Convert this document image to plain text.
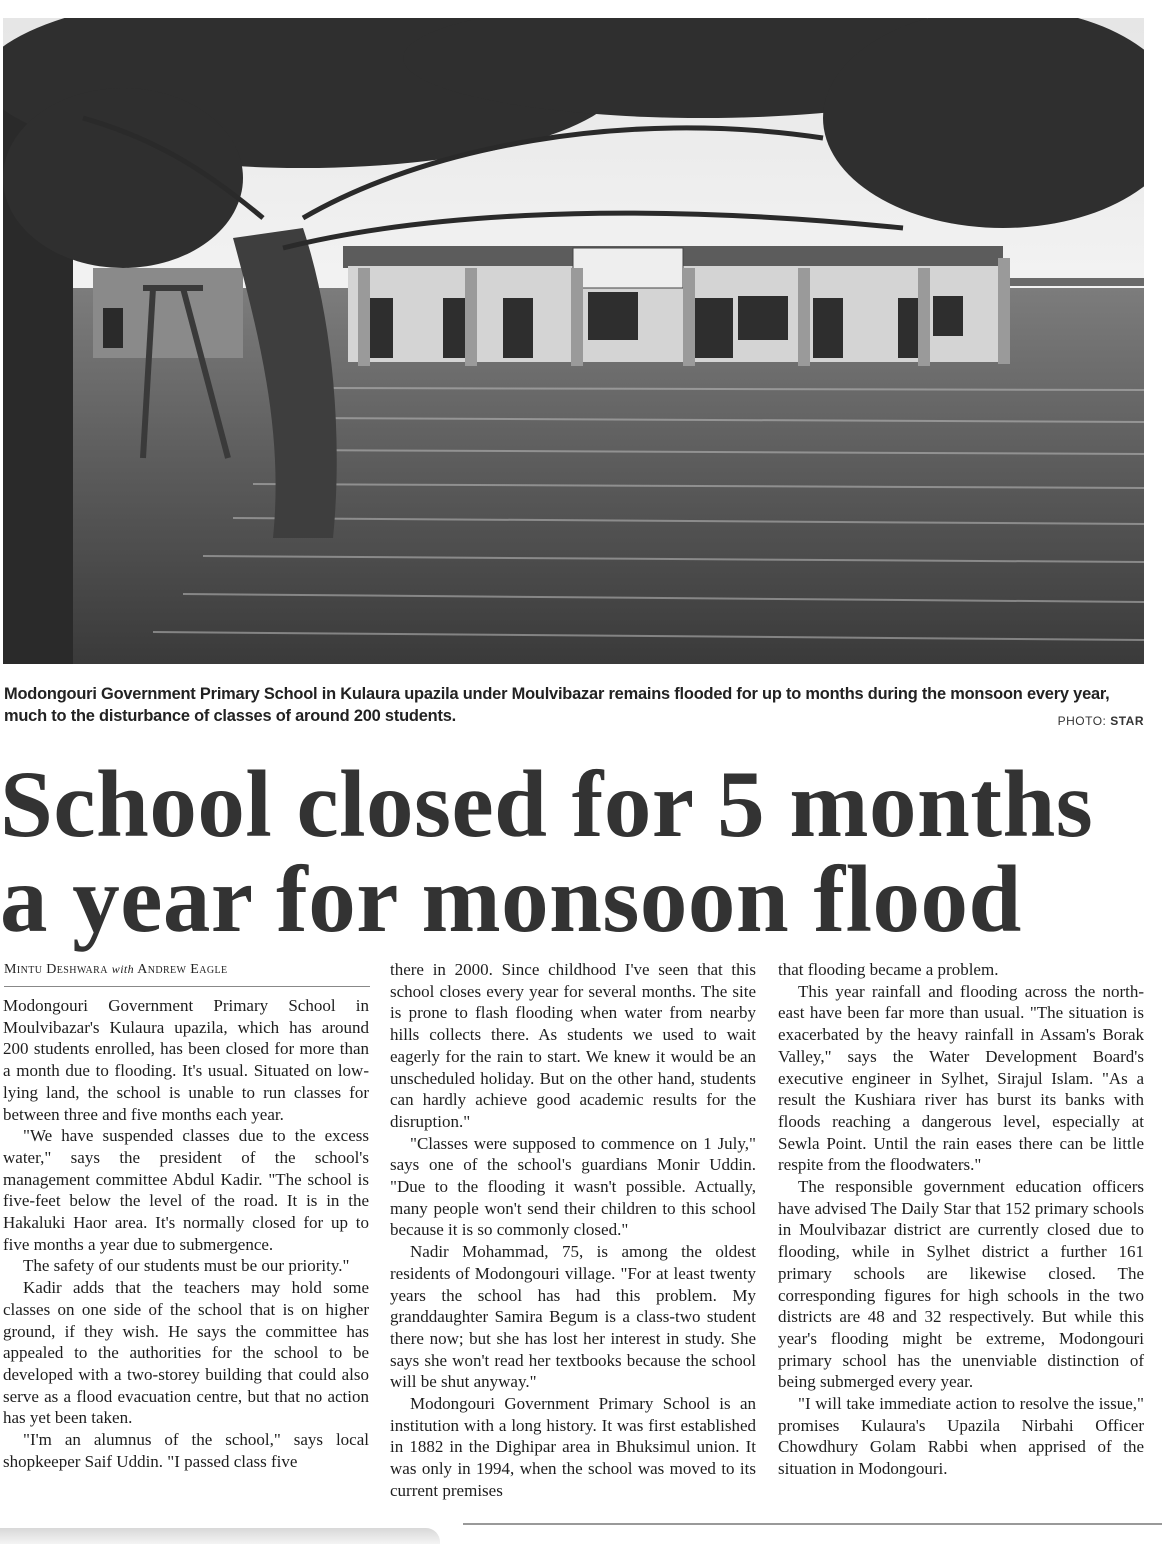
Modongouri Government Primary School in Kulaura upazila under Moulvibazar remains flooded for up to months during the monsoon every year, much to the disturbance of classes of around 200 students.	PHOTO: STAR
School closed for 5 months
a year for monsoon flood
Mintu Deshwara with Andrew Eagle

Modongouri Government Primary School in Moulvibazar's Kulaura upazila, which has around 200 students enrolled, has been closed for more than a month due to flooding. It's usual. Situated on low-lying land, the school is unable to run classes for between three and five months each year.

"We have suspended classes due to the excess water," says the president of the school's management committee Abdul Kadir. "The school is five-feet below the level of the road. It is in the Hakaluki Haor area. It's normally closed for up to five months a year due to submergence.

The safety of our students must be our priority."

Kadir adds that the teachers may hold some classes on one side of the school that is on higher ground, if they wish. He says the committee has appealed to the authorities for the school to be developed with a two-storey building that could also serve as a flood evacuation centre, but that no action has yet been taken.

"I'm an alumnus of the school," says local shopkeeper Saif Uddin. "I passed class five

there in 2000. Since childhood I've seen that this school closes every year for several months. The site is prone to flash flooding when water from nearby hills collects there. As students we used to wait eagerly for the rain to start. We knew it would be an unscheduled holiday. But on the other hand, students can hardly achieve good academic results for the disruption."

"Classes were supposed to commence on 1 July," says one of the school's guardians Monir Uddin. "Due to the flooding it wasn't possible. Actually, many people won't send their children to this school because it is so commonly closed."

Nadir Mohammad, 75, is among the oldest residents of Modongouri village. "For at least twenty years the school has had this problem. My granddaughter Samira Begum is a class-two student there now; but she has lost her interest in study. She says she won't read her textbooks because the school will be shut anyway."

Modongouri Government Primary School is an institution with a long history. It was first established in 1882 in the Dighipar area in Bhuksimul union. It was only in 1994, when the school was moved to its current premises

that flooding became a problem.

This year rainfall and flooding across the north-east have been far more than usual. "The situation is exacerbated by the heavy rainfall in Assam's Borak Valley," says the Water Development Board's executive engineer in Sylhet, Sirajul Islam. "As a result the Kushiara river has burst its banks with floods reaching a dangerous level, especially at Sewla Point. Until the rain eases there can be little respite from the floodwaters."

The responsible government education officers have advised The Daily Star that 152 primary schools in Moulvibazar district are currently closed due to flooding, while in Sylhet district a further 161 primary schools are likewise closed. The corresponding figures for high schools in the two districts are 48 and 32 respectively. But while this year's flooding might be extreme, Modongouri primary school has the unenviable distinction of being submerged every year.

"I will take immediate action to resolve the issue," promises Kulaura's Upazila Nirbahi Officer Chowdhury Golam Rabbi when apprised of the situation in Modongouri.
